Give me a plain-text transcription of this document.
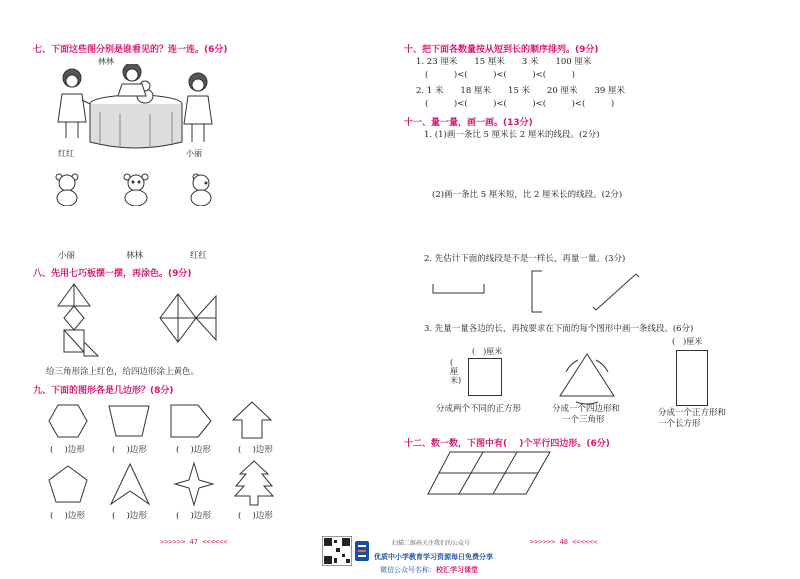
七、下面这些图分别是谁看见的？连一连。(6分)
林林
红红	小丽
小丽	林林	红红
八、先用七巧板摆一摆，再涂色。(9分)
给三角形涂上红色，给四边形涂上黄色。
九、下面的图形各是几边形？(8分)
(　 )边形	(　 )边形	(　 )边形	(　 )边形
(　 )边形	(　 )边形	(　 )边形	(　 )边形
>>>>>> 47 <<<<<<
十、把下面各数量按从短到长的顺序排列。(9分)
1. 23 厘米　　15 厘米　　3 米　　100 厘米
(　　　)<(　　　)<(　　　)<(　　　)
2. 1 米　　18 厘米　　15 米　　20 厘米　　39 厘米
(　　　)<(　　　)<(　　　)<(　　　)<(　　　)
十一、量一量，画一画。(13分)
1. (1)画一条比 5 厘米长 2 厘米的线段。(2分)
(2)画一条比 5 厘米短，比 2 厘米长的线段。(2分)
2. 先估计下面的线段是不是一样长，再量一量。(3分)
3. 先量一量各边的长，再按要求在下面的每个图形中画一条线段。(6分)
(　)厘米
(　厘米)
分成两个不同的正方形	分成一个四边形和
一个三角形
(　)厘米
分成一个正方形和
一个长方形
十二、数一数，下图中有(　 )个平行四边形。(6分)
>>>>>> 48 <<<<<<
扫描二维码关注我们的公众号
优质中小学教育学习资源每日免费分享
微信公众号名称：校汇学习课堂
